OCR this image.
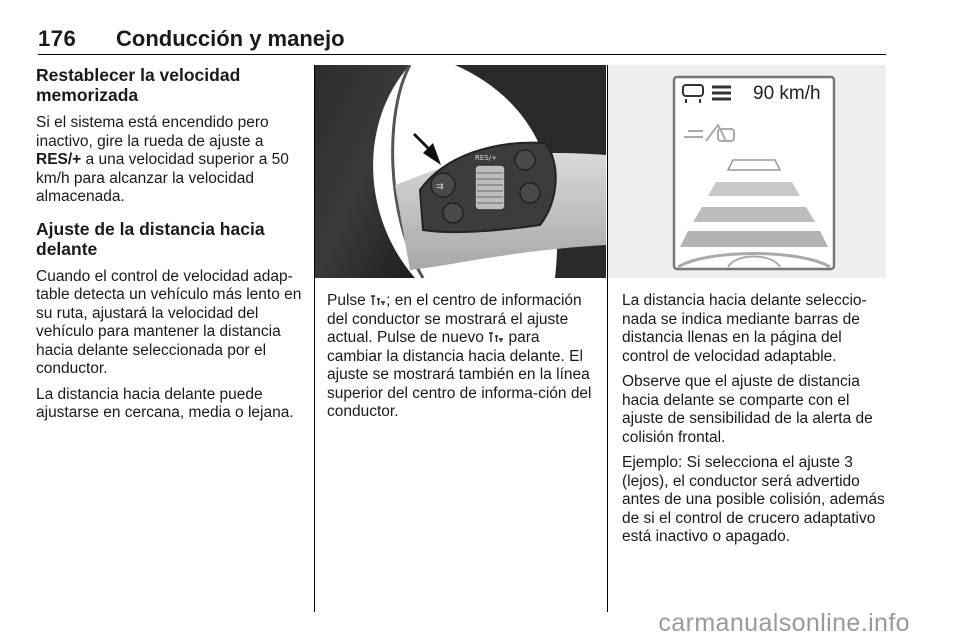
176 Conducción y manejo
Restablecer la velocidad memorizada

Si el sistema está encendido pero inactivo, gire la rueda de ajuste a RES/+ a una velocidad superior a 50 km/h para alcanzar la velocidad almacenada.

Ajuste de la distancia hacia delante

Cuando el control de velocidad adap-table detecta un vehículo más lento en su ruta, ajustará la velocidad del vehículo para mantener la distancia hacia delante seleccionada por el conductor.

La distancia hacia delante puede ajustarse en cercana, media o lejana.

⇉
RES/+

Pulse ; en el centro de información del conductor se mostrará el ajuste actual. Pulse de nuevo  para cambiar la distancia hacia delante. El ajuste se mostrará también en la línea superior del centro de informa-ción del conductor.

90 km/h

La distancia hacia delante seleccio-nada se indica mediante barras de distancia llenas en la página del control de velocidad adaptable.

Observe que el ajuste de distancia hacia delante se comparte con el ajuste de sensibilidad de la alerta de colisión frontal.

Ejemplo: Si selecciona el ajuste 3 (lejos), el conductor será advertido antes de una posible colisión, además de si el control de crucero adaptativo está inactivo o apagado.

carmanualsonline.info
